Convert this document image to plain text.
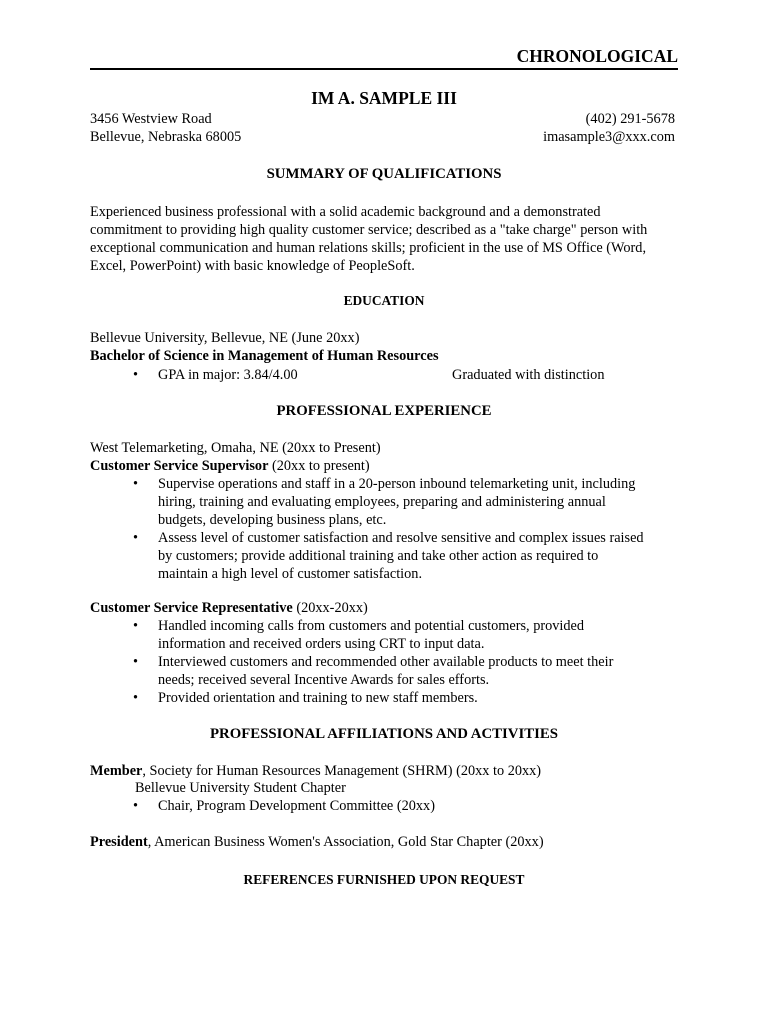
CHRONOLOGICAL
IM A. SAMPLE III
3456 Westview Road
Bellevue, Nebraska 68005
(402) 291-5678
imasample3@xxx.com
SUMMARY OF QUALIFICATIONS
Experienced business professional with a solid academic background and a demonstrated
commitment to providing high quality customer service; described as a "take charge" person with
exceptional communication and human relations skills; proficient in the use of MS Office (Word,
Excel, PowerPoint) with basic knowledge of PeopleSoft.
EDUCATION
Bellevue University, Bellevue, NE (June 20xx)
Bachelor of Science in Management of Human Resources
• GPA in major: 3.84/4.00	Graduated with distinction
PROFESSIONAL EXPERIENCE
West Telemarketing, Omaha, NE (20xx to Present)
Customer Service Supervisor (20xx to present)
• Supervise operations and staff in a 20-person inbound telemarketing unit, including
hiring, training and evaluating employees, preparing and administering annual
budgets, developing business plans, etc.
• Assess level of customer satisfaction and resolve sensitive and complex issues raised
by customers; provide additional training and take other action as required to
maintain a high level of customer satisfaction.
Customer Service Representative (20xx-20xx)
• Handled incoming calls from customers and potential customers, provided
information and received orders using CRT to input data.
• Interviewed customers and recommended other available products to meet their
needs; received several Incentive Awards for sales efforts.
• Provided orientation and training to new staff members.
PROFESSIONAL AFFILIATIONS AND ACTIVITIES
Member, Society for Human Resources Management (SHRM) (20xx to 20xx)
Bellevue University Student Chapter
• Chair, Program Development Committee (20xx)
President, American Business Women's Association, Gold Star Chapter (20xx)
REFERENCES FURNISHED UPON REQUEST
